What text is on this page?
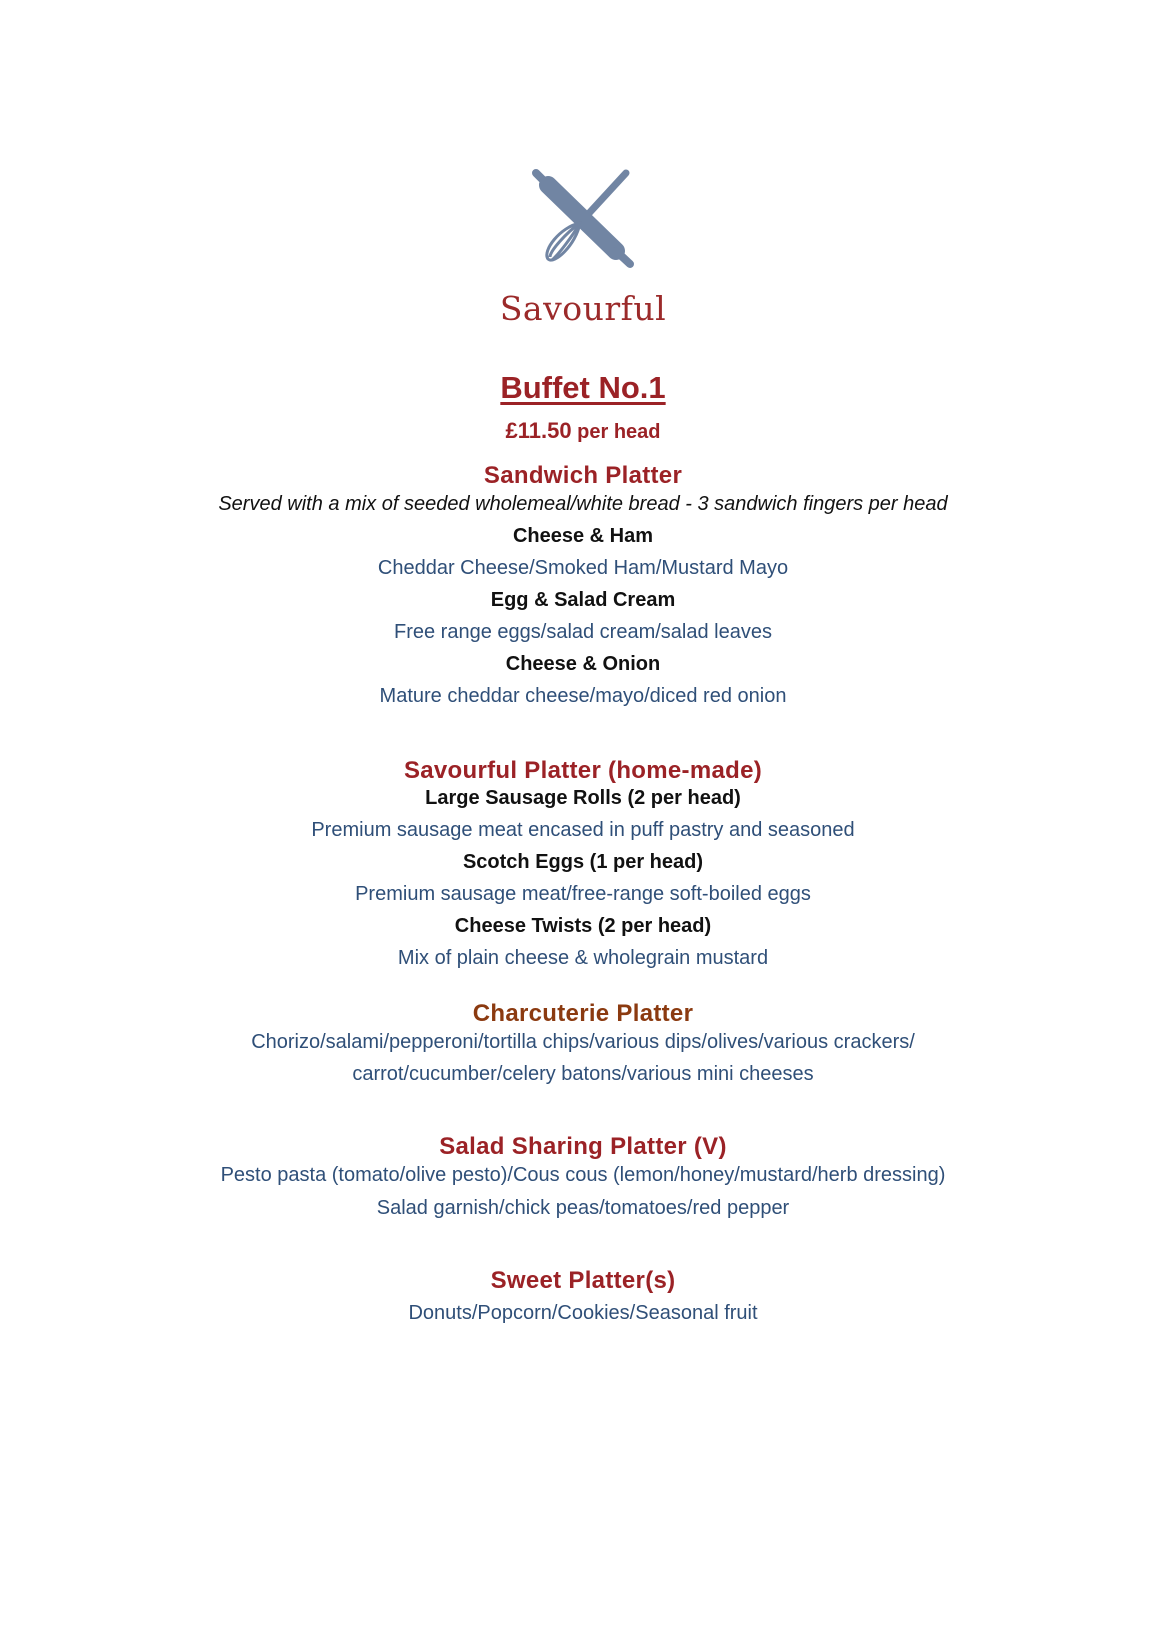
Savourful
Buffet No.1
£11.50 per head
Sandwich Platter
Served with a mix of seeded wholemeal/white bread - 3 sandwich fingers per head
Cheese & Ham
Cheddar Cheese/Smoked Ham/Mustard Mayo
Egg & Salad Cream
Free range eggs/salad cream/salad leaves
Cheese & Onion
Mature cheddar cheese/mayo/diced red onion
Savourful Platter (home-made)
Large Sausage Rolls (2 per head)
Premium sausage meat encased in puff pastry and seasoned
Scotch Eggs (1 per head)
Premium sausage meat/free-range soft-boiled eggs
Cheese Twists (2 per head)
Mix of plain cheese & wholegrain mustard
Charcuterie Platter
Chorizo/salami/pepperoni/tortilla chips/various dips/olives/various crackers/
carrot/cucumber/celery batons/various mini cheeses
Salad Sharing Platter (V)
Pesto pasta (tomato/olive pesto)/Cous cous (lemon/honey/mustard/herb dressing)
Salad garnish/chick peas/tomatoes/red pepper
Sweet Platter(s)
Donuts/Popcorn/Cookies/Seasonal fruit
